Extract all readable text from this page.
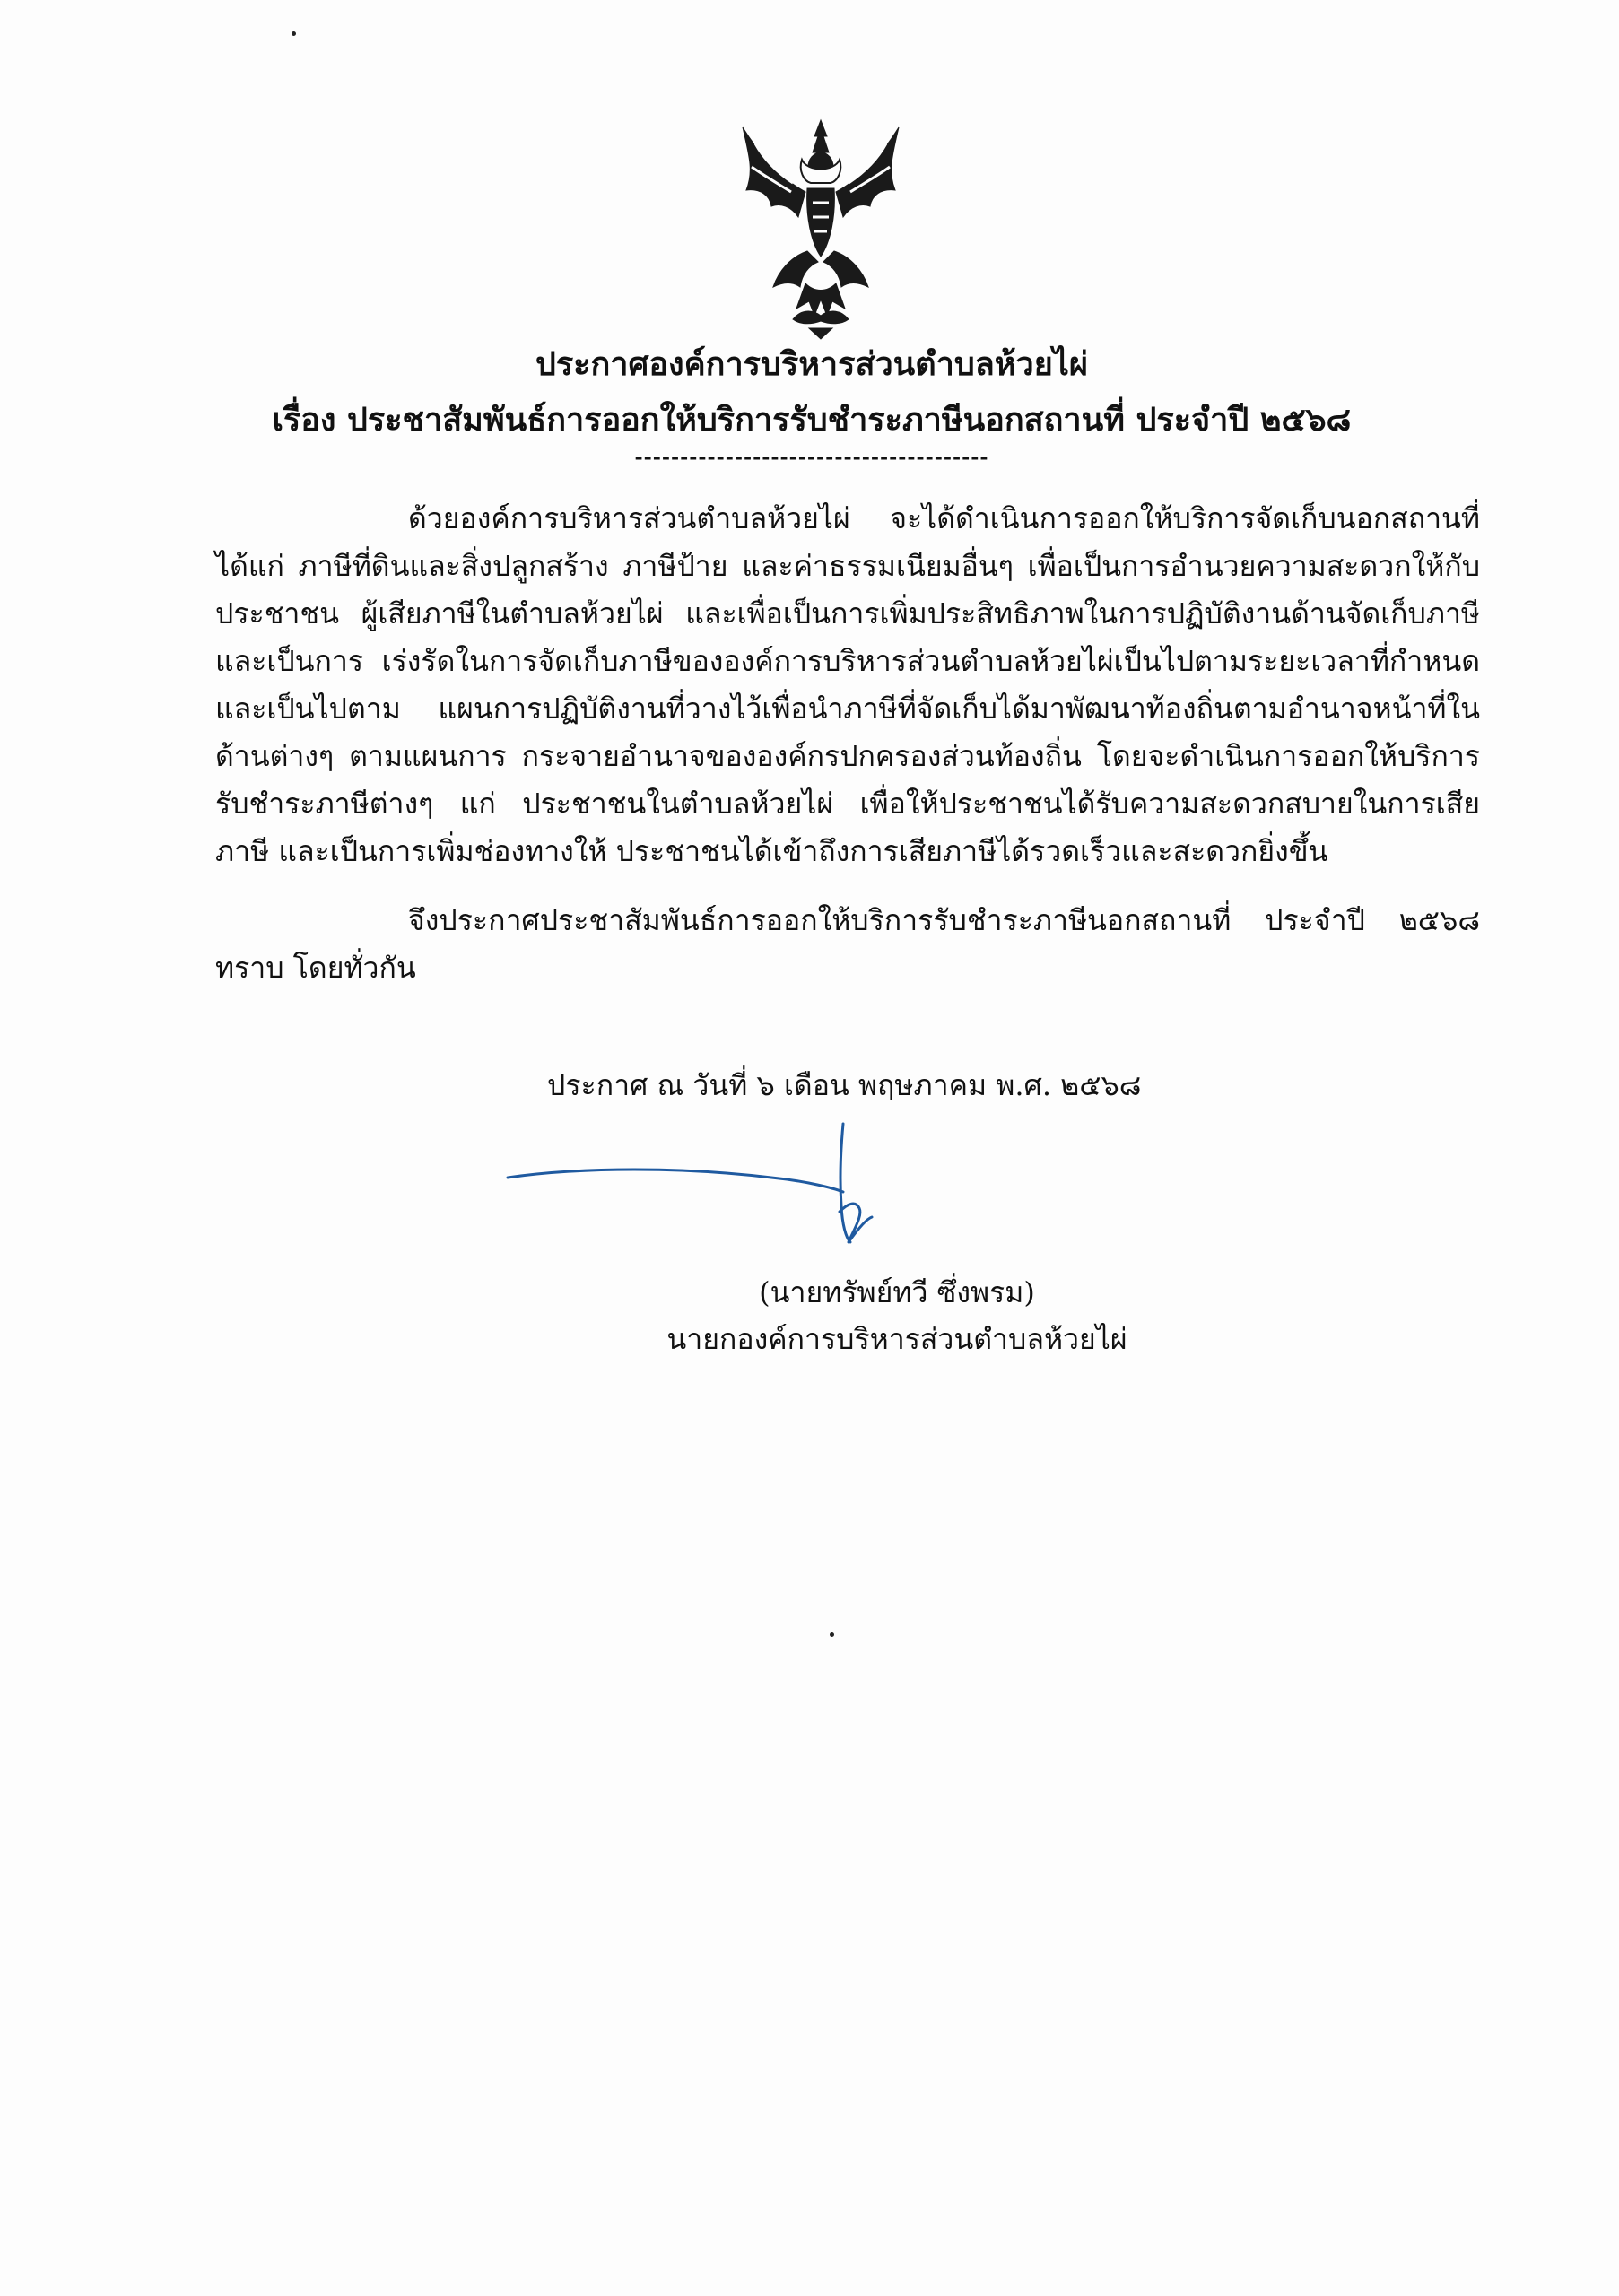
ประกาศองค์การบริหารส่วนตำบลห้วยไผ่
เรื่อง ประชาสัมพันธ์การออกให้บริการรับชำระภาษีนอกสถานที่ ประจำปี ๒๕๖๘
---------------------------------------

ด้วยองค์การบริหารส่วนตำบลห้วยไผ่ จะได้ดำเนินการออกให้บริการจัดเก็บนอกสถานที่ ได้แก่ ภาษีที่ดินและสิ่งปลูกสร้าง ภาษีป้าย และค่าธรรมเนียมอื่นๆ เพื่อเป็นการอำนวยความสะดวกให้กับประชาชน ผู้เสียภาษีในตำบลห้วยไผ่ และเพื่อเป็นการเพิ่มประสิทธิภาพในการปฏิบัติงานด้านจัดเก็บภาษี และเป็นการ เร่งรัดในการจัดเก็บภาษีขององค์การบริหารส่วนตำบลห้วยไผ่เป็นไปตามระยะเวลาที่กำหนด และเป็นไปตาม แผนการปฏิบัติงานที่วางไว้เพื่อนำภาษีที่จัดเก็บได้มาพัฒนาท้องถิ่นตามอำนาจหน้าที่ในด้านต่างๆ ตามแผนการ กระจายอำนาจขององค์กรปกครองส่วนท้องถิ่น โดยจะดำเนินการออกให้บริการรับชำระภาษีต่างๆ แก่ ประชาชนในตำบลห้วยไผ่ เพื่อให้ประชาชนได้รับความสะดวกสบายในการเสียภาษี และเป็นการเพิ่มช่องทางให้ ประชาชนได้เข้าถึงการเสียภาษีได้รวดเร็วและสะดวกยิ่งขึ้น

จึงประกาศประชาสัมพันธ์การออกให้บริการรับชำระภาษีนอกสถานที่ ประจำปี ๒๕๖๘ ทราบ โดยทั่วกัน

ประกาศ ณ วันที่ ๖ เดือน พฤษภาคม พ.ศ. ๒๕๖๘
(นายทรัพย์ทวี ซึ่งพรม)
นายกองค์การบริหารส่วนตำบลห้วยไผ่
